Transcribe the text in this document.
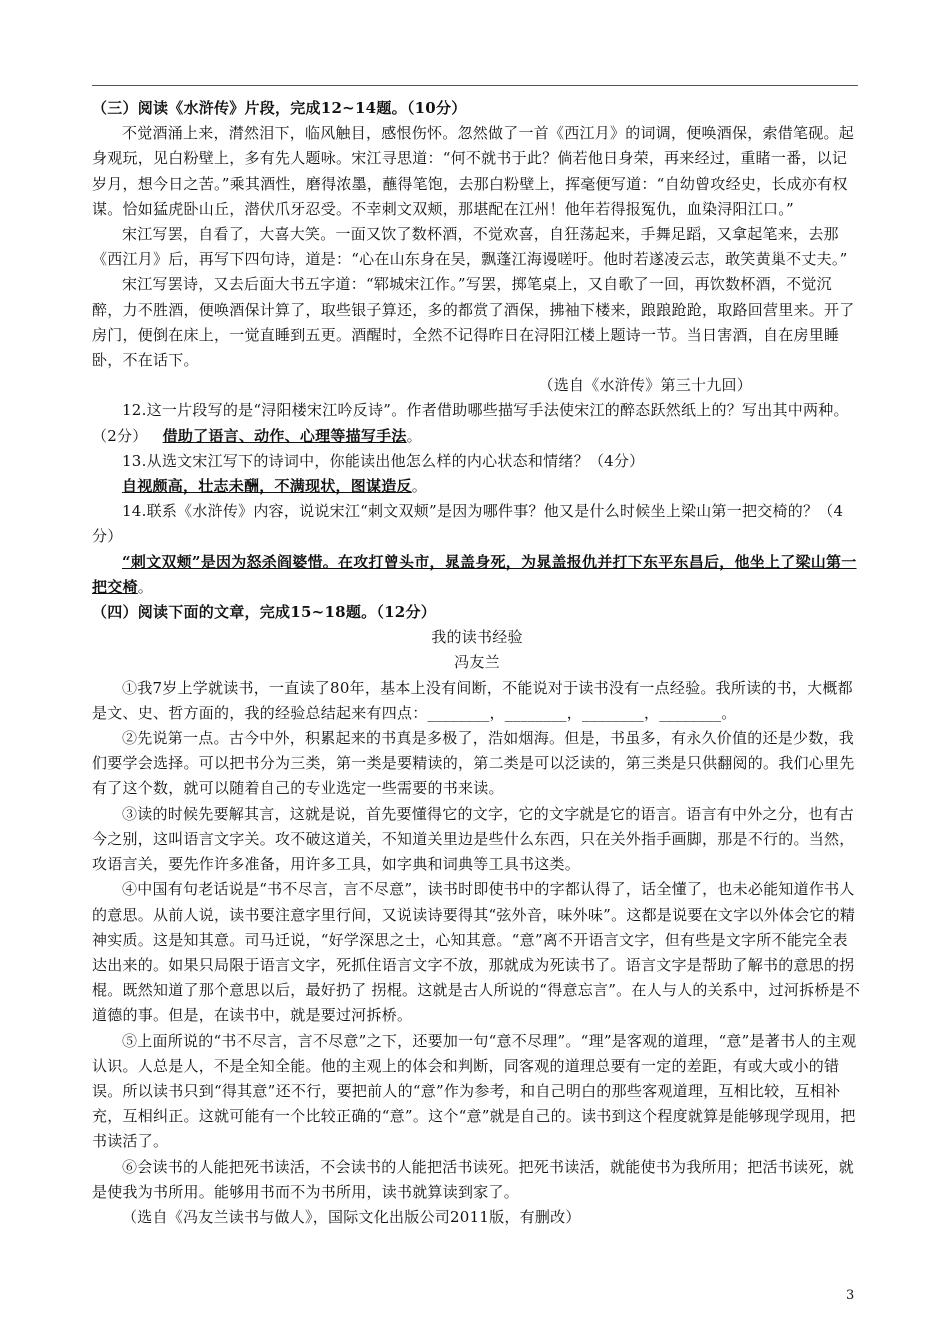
（三）阅读《水浒传》片段，完成12~14题。（10分）

不觉酒涌上来，潸然泪下，临风触目，感恨伤怀。忽然做了一首《西江月》的词调，便唤酒保，索借笔砚。起身观玩，见白粉壁上，多有先人题咏。宋江寻思道：“何不就书于此？倘若他日身荣，再来经过，重睹一番，以记岁月，想今日之苦。”乘其酒性，磨得浓墨，蘸得笔饱，去那白粉壁上，挥毫便写道：“自幼曾攻经史，长成亦有权谋。恰如猛虎卧山丘，潜伏爪牙忍受。不幸刺文双颊，那堪配在江州！他年若得报冤仇，血染浔阳江口。”

宋江写罢，自看了，大喜大笑。一面又饮了数杯酒，不觉欢喜，自狂荡起来，手舞足蹈，又拿起笔来，去那《西江月》后，再写下四句诗，道是：“心在山东身在吴，飘蓬江海谩嗟吁。他时若遂凌云志，敢笑黄巢不丈夫。”

宋江写罢诗，又去后面大书五字道：“郓城宋江作。”写罢，掷笔桌上，又自歌了一回，再饮数杯酒，不觉沉醉，力不胜酒，便唤酒保计算了，取些银子算还，多的都赏了酒保，拂袖下楼来，踉踉跄跄，取路回营里来。开了房门，便倒在床上，一觉直睡到五更。酒醒时，全然不记得昨日在浔阳江楼上题诗一节。当日害酒，自在房里睡卧，不在话下。

（选自《水浒传》第三十九回）

12.这一片段写的是“浔阳楼宋江吟反诗”。作者借助哪些描写手法使宋江的醉态跃然纸上的？写出其中两种。（2分） 借助了语言、动作、心理等描写手法。

13.从选文宋江写下的诗词中，你能读出他怎么样的内心状态和情绪？（4分）

自视颇高，壮志未酬，不满现状，图谋造反。

14.联系《水浒传》内容，说说宋江“刺文双颊”是因为哪件事？他又是什么时候坐上梁山第一把交椅的？（4分）

“刺文双颊”是因为怒杀阎婆惜。在攻打曾头市，晁盖身死，为晁盖报仇并打下东平东昌后，他坐上了梁山第一把交椅。

（四）阅读下面的文章，完成15~18题。（12分）

我的读书经验

冯友兰

①我7岁上学就读书，一直读了80年，基本上没有间断，不能说对于读书没有一点经验。我所读的书，大概都是文、史、哲方面的，我的经验总结起来有四点：________，________，________，________。

②先说第一点。古今中外，积累起来的书真是多极了，浩如烟海。但是，书虽多，有永久价值的还是少数，我们要学会选择。可以把书分为三类，第一类是要精读的，第二类是可以泛读的，第三类是只供翻阅的。我们心里先有了这个数，就可以随着自己的专业选定一些需要的书来读。

③读的时候先要解其言，这就是说，首先要懂得它的文字，它的文字就是它的语言。语言有中外之分，也有古今之别，这叫语言文字关。攻不破这道关，不知道关里边是些什么东西，只在关外指手画脚，那是不行的。当然，攻语言关，要先作许多准备，用许多工具，如字典和词典等工具书这类。

④中国有句老话说是“书不尽言，言不尽意”，读书时即使书中的字都认得了，话全懂了，也未必能知道作书人的意思。从前人说，读书要注意字里行间，又说读诗要得其“弦外音，味外味”。这都是说要在文字以外体会它的精神实质。这是知其意。司马迁说，“好学深思之士，心知其意。“意”离不开语言文字，但有些是文字所不能完全表达出来的。如果只局限于语言文字，死抓住语言文字不放，那就成为死读书了。语言文字是帮助了解书的意思的拐棍。既然知道了那个意思以后，最好扔了 拐棍。这就是古人所说的“得意忘言”。在人与人的关系中，过河拆桥是不道德的事。但是，在读书中，就是要过河拆桥。

⑤上面所说的“书不尽言，言不尽意”之下，还要加一句“意不尽理”。“理”是客观的道理，“意”是著书人的主观认识。人总是人，不是全知全能。他的主观上的体会和判断，同客观的道理总要有一定的差距，有或大或小的错误。所以读书只到“得其意”还不行，要把前人的“意”作为参考，和自己明白的那些客观道理，互相比较，互相补充，互相纠正。这就可能有一个比较正确的“意”。这个“意”就是自己的。读书到这个程度就算是能够现学现用，把书读活了。

⑥会读书的人能把死书读活，不会读书的人能把活书读死。把死书读活，就能使书为我所用；把活书读死，就是使我为书所用。能够用书而不为书所用，读书就算读到家了。

（选自《冯友兰读书与做人》，国际文化出版公司2011版，有删改）

3
